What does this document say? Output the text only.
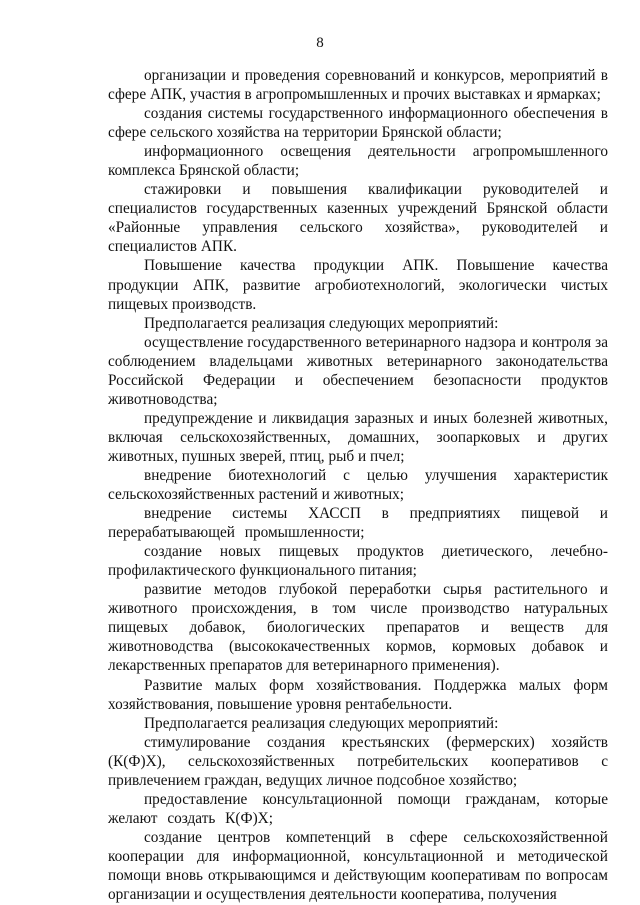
8

организации и проведения соревнований и конкурсов, мероприятий в сфере АПК, участия в агропромышленных и прочих выставках и ярмарках;

создания системы государственного информационного обеспечения в сфере сельского хозяйства на территории Брянской области;

информационного освещения деятельности агропромышленного комплекса Брянской области;

стажировки и повышения квалификации руководителей и специалистов государственных казенных учреждений Брянской области «Районные управления сельского хозяйства», руководителей и специалистов АПК.

Повышение качества продукции АПК. Повышение качества продукции АПК, развитие агробиотехнологий, экологически чистых пищевых производств.

Предполагается реализация следующих мероприятий:

осуществление государственного ветеринарного надзора и контроля за соблюдением владельцами животных ветеринарного законодательства Российской Федерации и обеспечением безопасности продуктов животноводства;

предупреждение и ликвидация заразных и иных болезней животных, включая сельскохозяйственных, домашних, зоопарковых и других животных, пушных зверей, птиц, рыб и пчел;

внедрение биотехнологий с целью улучшения характеристик сельскохозяйственных растений и животных;

внедрение системы ХАССП в предприятиях пищевой и перерабатывающей промышленности;

создание новых пищевых продуктов диетического, лечебно-профилактического функционального питания;

развитие методов глубокой переработки сырья растительного и животного происхождения, в том числе производство натуральных пищевых добавок, биологических препаратов и веществ для животноводства (высококачественных кормов, кормовых добавок и лекарственных препаратов для ветеринарного применения).

Развитие малых форм хозяйствования. Поддержка малых форм хозяйствования, повышение уровня рентабельности.

Предполагается реализация следующих мероприятий:

стимулирование создания крестьянских (фермерских) хозяйств (К(Ф)Х), сельскохозяйственных потребительских кооперативов с привлечением граждан, ведущих личное подсобное хозяйство;

предоставление консультационной помощи гражданам, которые желают создать К(Ф)Х;

создание центров компетенций в сфере сельскохозяйственной кооперации для информационной, консультационной и методической помощи вновь открывающимся и действующим кооперативам по вопросам организации и осуществления деятельности кооператива, получения
